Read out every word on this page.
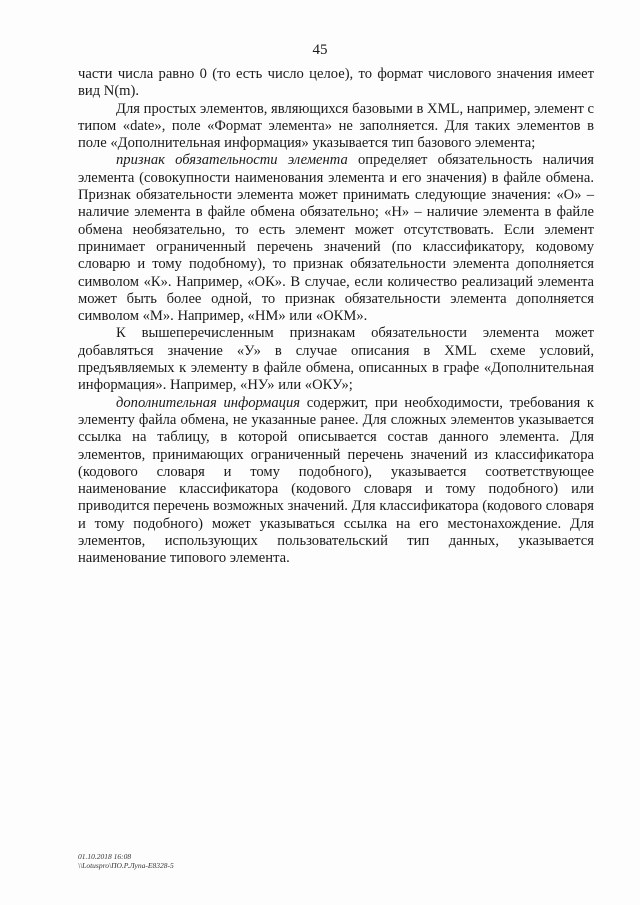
45

части числа равно 0 (то есть число целое), то формат числового значения имеет вид N(m).

Для простых элементов, являющихся базовыми в XML, например, элемент с типом «date», поле «Формат элемента» не заполняется. Для таких элементов в поле «Дополнительная информация» указывается тип базового элемента;

признак обязательности элемента определяет обязательность наличия элемента (совокупности наименования элемента и его значения) в файле обмена. Признак обязательности элемента может принимать следующие значения: «О» – наличие элемента в файле обмена обязательно; «Н» – наличие элемента в файле обмена необязательно, то есть элемент может отсутствовать. Если элемент принимает ограниченный перечень значений (по классификатору, кодовому словарю и тому подобному), то признак обязательности элемента дополняется символом «К». Например, «ОК». В случае, если количество реализаций элемента может быть более одной, то признак обязательности элемента дополняется символом «М». Например, «НМ» или «ОКМ».

К вышеперечисленным признакам обязательности элемента может добавляться значение «У» в случае описания в XML схеме условий, предъявляемых к элементу в файле обмена, описанных в графе «Дополнительная информация». Например, «НУ» или «ОКУ»;

дополнительная информация содержит, при необходимости, требования к элементу файла обмена, не указанные ранее. Для сложных элементов указывается ссылка на таблицу, в которой описывается состав данного элемента. Для элементов, принимающих ограниченный перечень значений из классификатора (кодового словаря и тому подобного), указывается соответствующее наименование классификатора (кодового словаря и тому подобного) или приводится перечень возможных значений. Для классификатора (кодового словаря и тому подобного) может указываться ссылка на его местонахождение. Для элементов, использующих пользовательский тип данных, указывается наименование типового элемента.

01.10.2018 16:08
\\Lotuspro\ПО.Р.Лупа-E8328-5
